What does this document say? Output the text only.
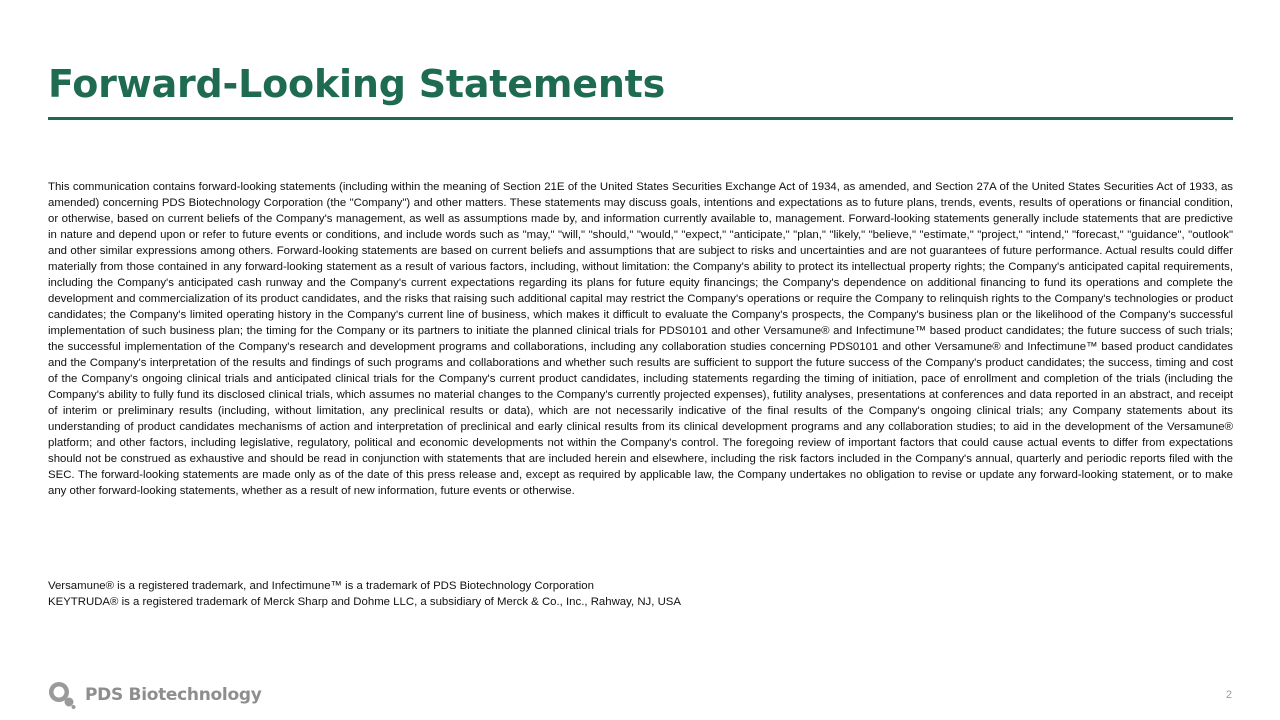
Forward-Looking Statements
This communication contains forward-looking statements (including within the meaning of Section 21E of the United States Securities Exchange Act of 1934, as amended, and Section 27A of the United States Securities Act of 1933, as amended) concerning PDS Biotechnology Corporation (the "Company") and other matters. These statements may discuss goals, intentions and expectations as to future plans, trends, events, results of operations or financial condition, or otherwise, based on current beliefs of the Company's management, as well as assumptions made by, and information currently available to, management. Forward-looking statements generally include statements that are predictive in nature and depend upon or refer to future events or conditions, and include words such as "may," "will," "should," "would," "expect," "anticipate," "plan," "likely," "believe," "estimate," "project," "intend," "forecast," "guidance", "outlook" and other similar expressions among others. Forward-looking statements are based on current beliefs and assumptions that are subject to risks and uncertainties and are not guarantees of future performance. Actual results could differ materially from those contained in any forward-looking statement as a result of various factors, including, without limitation: the Company's ability to protect its intellectual property rights; the Company's anticipated capital requirements, including the Company's anticipated cash runway and the Company's current expectations regarding its plans for future equity financings; the Company's dependence on additional financing to fund its operations and complete the development and commercialization of its product candidates, and the risks that raising such additional capital may restrict the Company's operations or require the Company to relinquish rights to the Company's technologies or product candidates; the Company's limited operating history in the Company's current line of business, which makes it difficult to evaluate the Company's prospects, the Company's business plan or the likelihood of the Company's successful implementation of such business plan; the timing for the Company or its partners to initiate the planned clinical trials for PDS0101 and other Versamune® and Infectimune™ based product candidates; the future success of such trials; the successful implementation of the Company's research and development programs and collaborations, including any collaboration studies concerning PDS0101 and other Versamune® and Infectimune™ based product candidates and the Company's interpretation of the results and findings of such programs and collaborations and whether such results are sufficient to support the future success of the Company's product candidates; the success, timing and cost of the Company's ongoing clinical trials and anticipated clinical trials for the Company's current product candidates, including statements regarding the timing of initiation, pace of enrollment and completion of the trials (including the Company's ability to fully fund its disclosed clinical trials, which assumes no material changes to the Company's currently projected expenses), futility analyses, presentations at conferences and data reported in an abstract, and receipt of interim or preliminary results (including, without limitation, any preclinical results or data), which are not necessarily indicative of the final results of the Company's ongoing clinical trials; any Company statements about its understanding of product candidates mechanisms of action and interpretation of preclinical and early clinical results from its clinical development programs and any collaboration studies; to aid in the development of the Versamune® platform; and other factors, including legislative, regulatory, political and economic developments not within the Company's control. The foregoing review of important factors that could cause actual events to differ from expectations should not be construed as exhaustive and should be read in conjunction with statements that are included herein and elsewhere, including the risk factors included in the Company's annual, quarterly and periodic reports filed with the SEC. The forward-looking statements are made only as of the date of this press release and, except as required by applicable law, the Company undertakes no obligation to revise or update any forward-looking statement, or to make any other forward-looking statements, whether as a result of new information, future events or otherwise.
Versamune® is a registered trademark, and Infectimune™ is a trademark of PDS Biotechnology Corporation
KEYTRUDA® is a registered trademark of Merck Sharp and Dohme LLC, a subsidiary of Merck & Co., Inc., Rahway, NJ, USA
PDS Biotechnology	2
